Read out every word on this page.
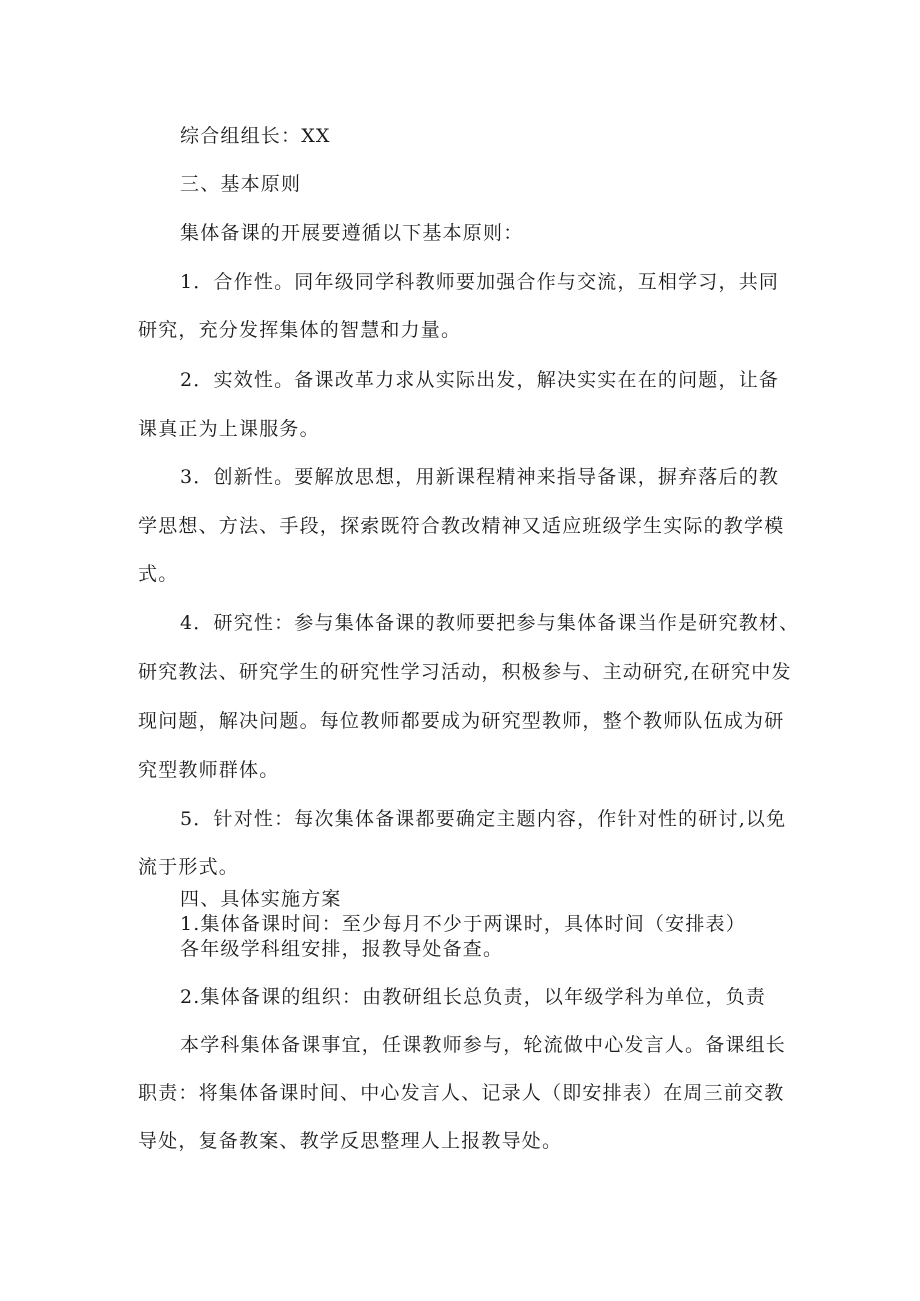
综合组组长：XX
三、基本原则
集体备课的开展要遵循以下基本原则：
1．合作性。同年级同学科教师要加强合作与交流，互相学习，共同
研究，充分发挥集体的智慧和力量。
2．实效性。备课改革力求从实际出发，解决实实在在的问题，让备
课真正为上课服务。
3．创新性。要解放思想，用新课程精神来指导备课，摒弃落后的教
学思想、方法、手段，探索既符合教改精神又适应班级学生实际的教学模
式。
4．研究性：参与集体备课的教师要把参与集体备课当作是研究教材、
研究教法、研究学生的研究性学习活动，积极参与、主动研究,在研究中发
现问题，解决问题。每位教师都要成为研究型教师，整个教师队伍成为研
究型教师群体。
5．针对性：每次集体备课都要确定主题内容，作针对性的研讨,以免
流于形式。
四、具体实施方案
1.集体备课时间：至少每月不少于两课时，具体时间（安排表）
各年级学科组安排，报教导处备查。
2.集体备课的组织：由教研组长总负责，以年级学科为单位，负责
本学科集体备课事宜，任课教师参与，轮流做中心发言人。备课组长
职责：将集体备课时间、中心发言人、记录人（即安排表）在周三前交教
导处，复备教案、教学反思整理人上报教导处。
